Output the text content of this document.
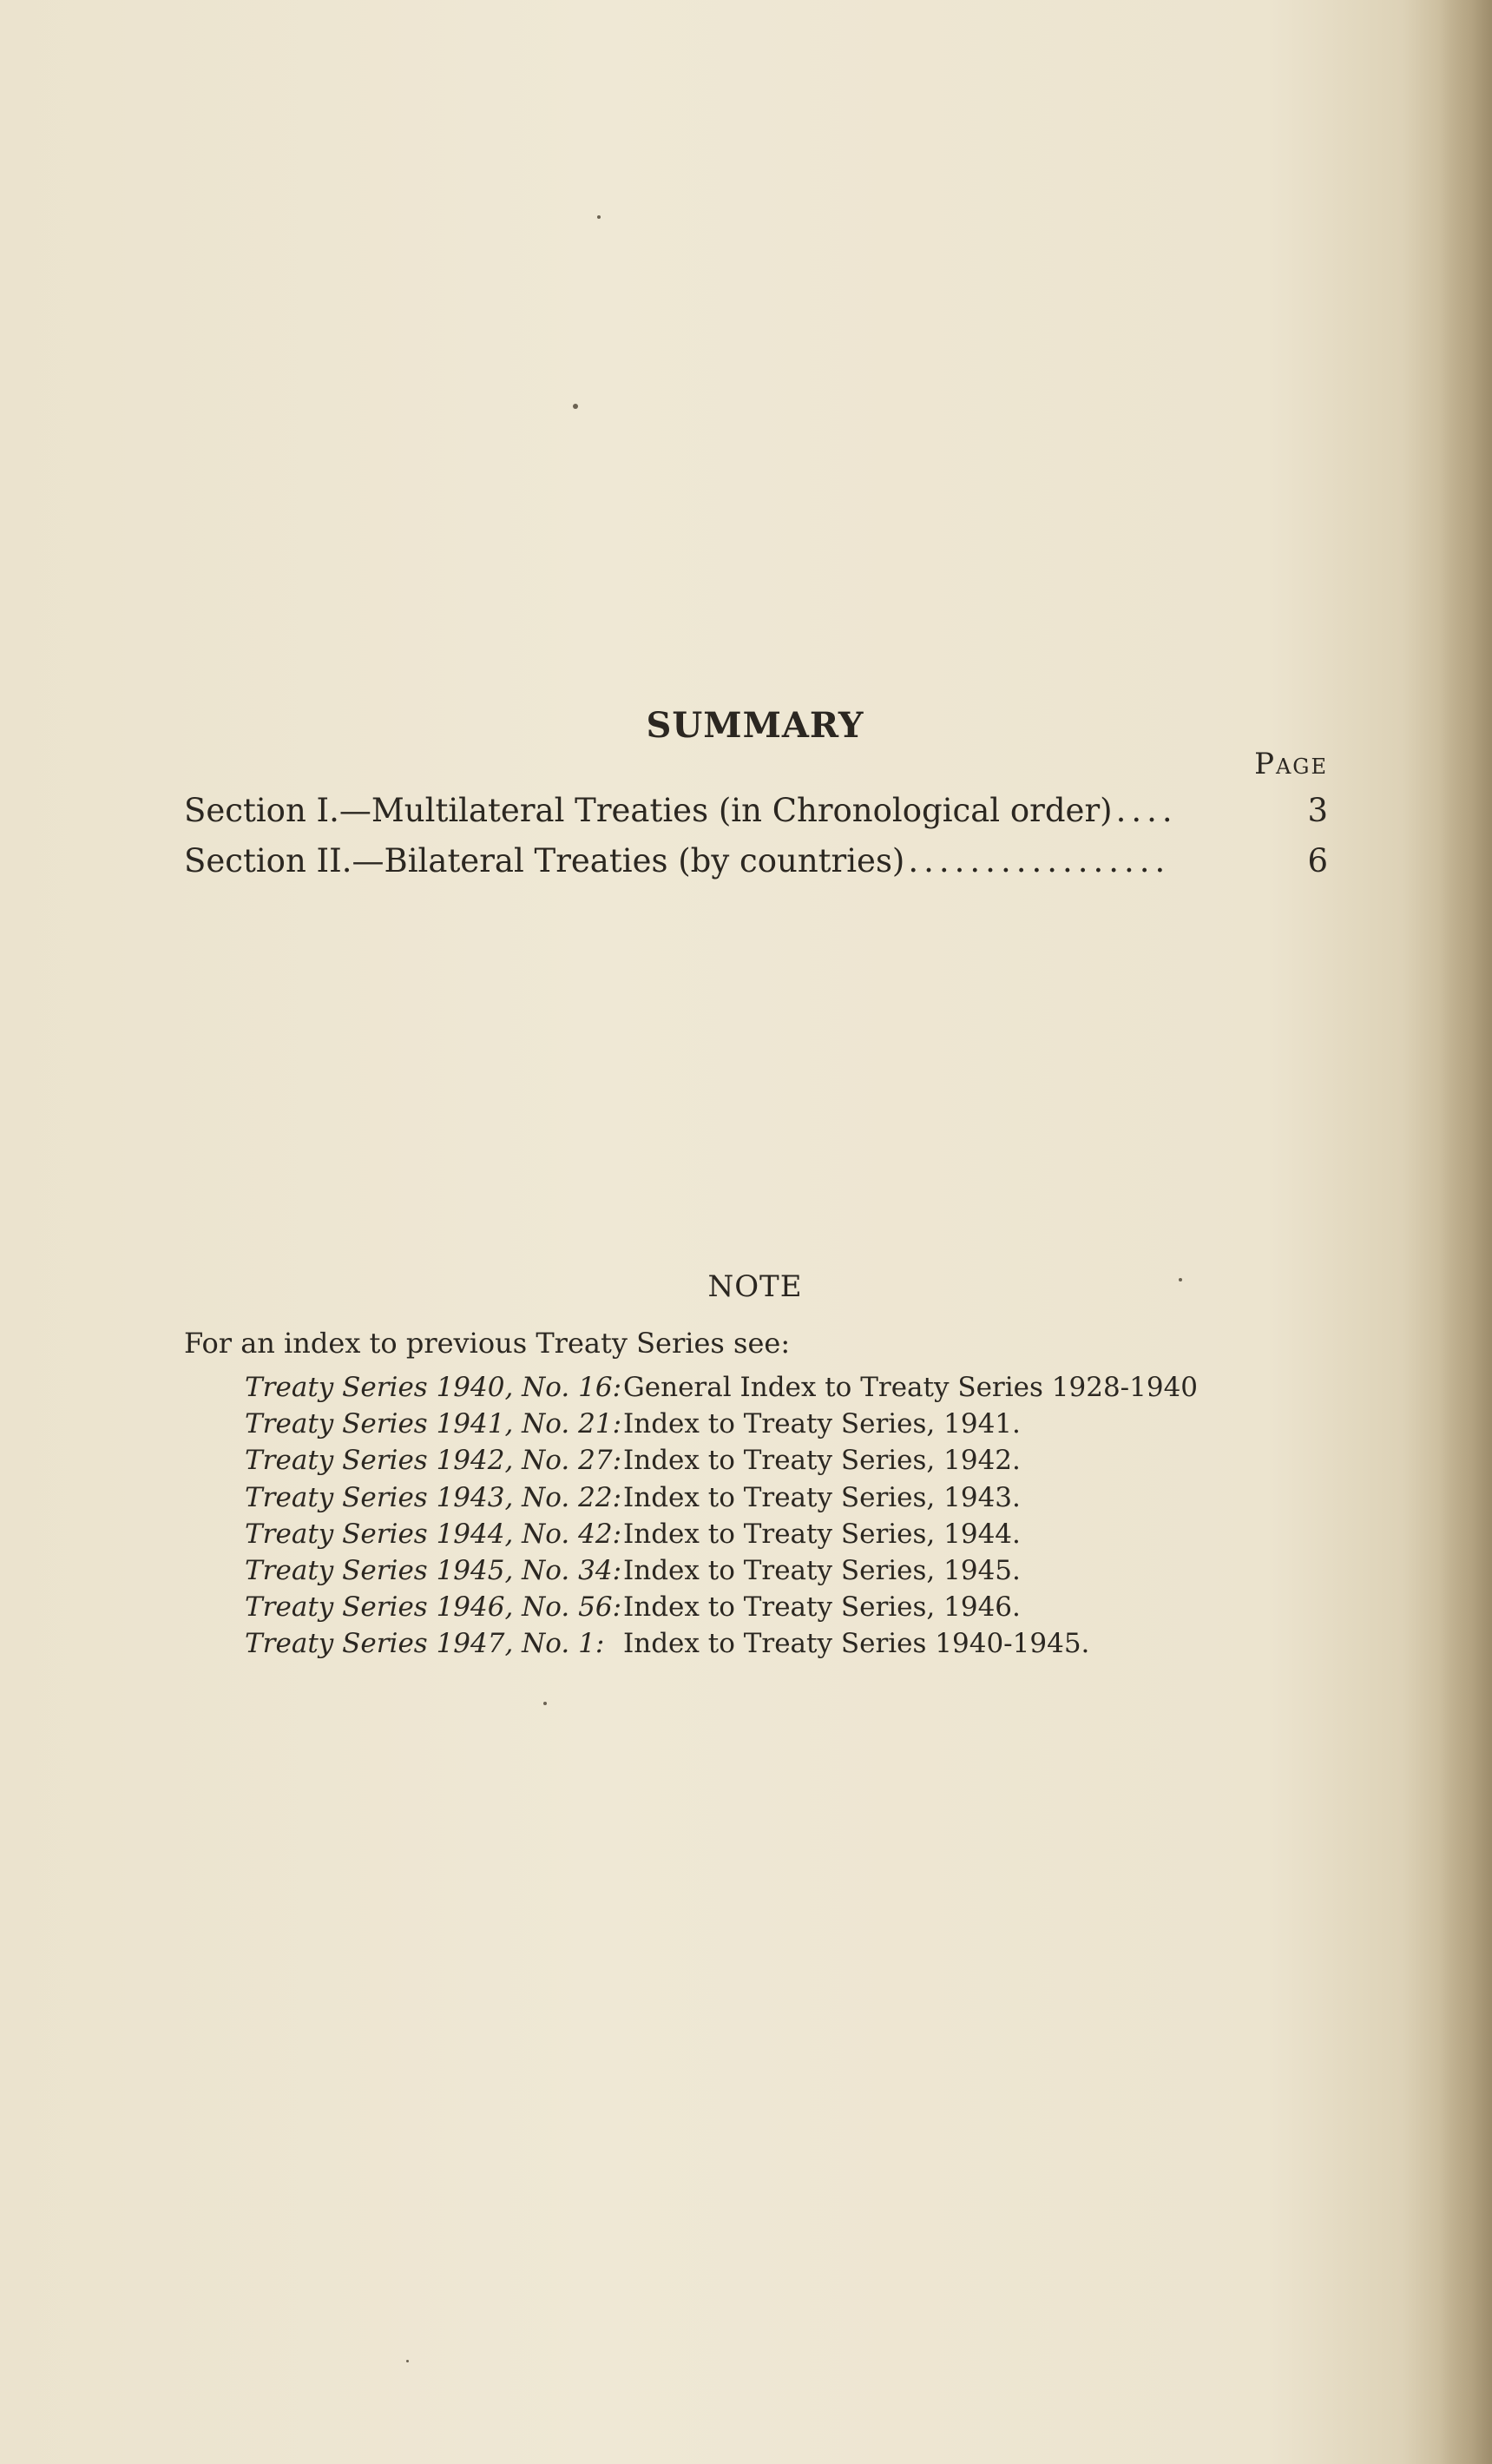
SUMMARY
Page
Section I.—Multilateral Treaties (in Chronological order) ....	3
Section II.—Bilateral Treaties (by countries) .................	6
NOTE
For an index to previous Treaty Series see:
Treaty Series 1940, No. 16: General Index to Treaty Series 1928-1940
Treaty Series 1941, No. 21: Index to Treaty Series, 1941.
Treaty Series 1942, No. 27: Index to Treaty Series, 1942.
Treaty Series 1943, No. 22: Index to Treaty Series, 1943.
Treaty Series 1944, No. 42: Index to Treaty Series, 1944.
Treaty Series 1945, No. 34: Index to Treaty Series, 1945.
Treaty Series 1946, No. 56: Index to Treaty Series, 1946.
Treaty Series 1947, No. 1: Index to Treaty Series 1940-1945.
